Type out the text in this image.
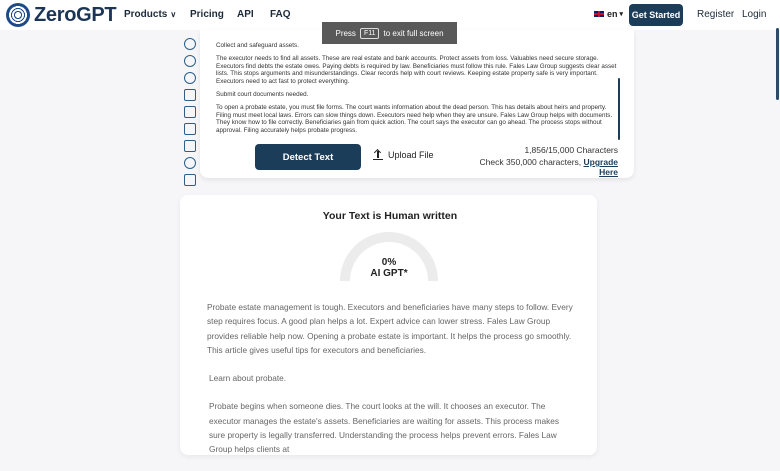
ZeroGPT Products ∨ Pricing API FAQ	en ▾ Get Started Register Login

Collect and safeguard assets.

The executor needs to find all assets. These are real estate and bank accounts. Protect assets from loss. Valuables need secure storage. Executors find debts the estate owes. Paying debts is required by law. Beneficiaries must follow this rule. Fales Law Group suggests clear asset lists. This stops arguments and misunderstandings. Clear records help with court reviews. Keeping estate property safe is very important. Executors need to act fast to protect everything.

Submit court documents needed.

To open a probate estate, you must file forms. The court wants information about the dead person. This has details about heirs and property. Filing must meet local laws. Errors can slow things down. Executors need help when they are unsure. Fales Law Group helps with documents. They know how to file correctly. Beneficiaries gain from quick action. The court says the executor can go ahead. The process stops without approval. Filing accurately helps probate progress.

Press	F11	to exit full screen
Detect Text	Upload File	1,856/15,000 Characters
Check 350,000 characters, Upgrade Here
Your Text is Human written
0%
AI GPT*

Probate estate management is tough. Executors and beneficiaries have many steps to follow. Every step requires focus. A good plan helps a lot. Expert advice can lower stress. Fales Law Group provides reliable help now. Opening a probate estate is important. It helps the process go smoothly. This article gives useful tips for executors and beneficiaries.

Learn about probate.

Probate begins when someone dies. The court looks at the will. It chooses an executor. The executor manages the estate's assets. Beneficiaries are waiting for assets. This process makes sure property is legally transferred. Understanding the process helps prevent errors. Fales Law Group helps clients at
